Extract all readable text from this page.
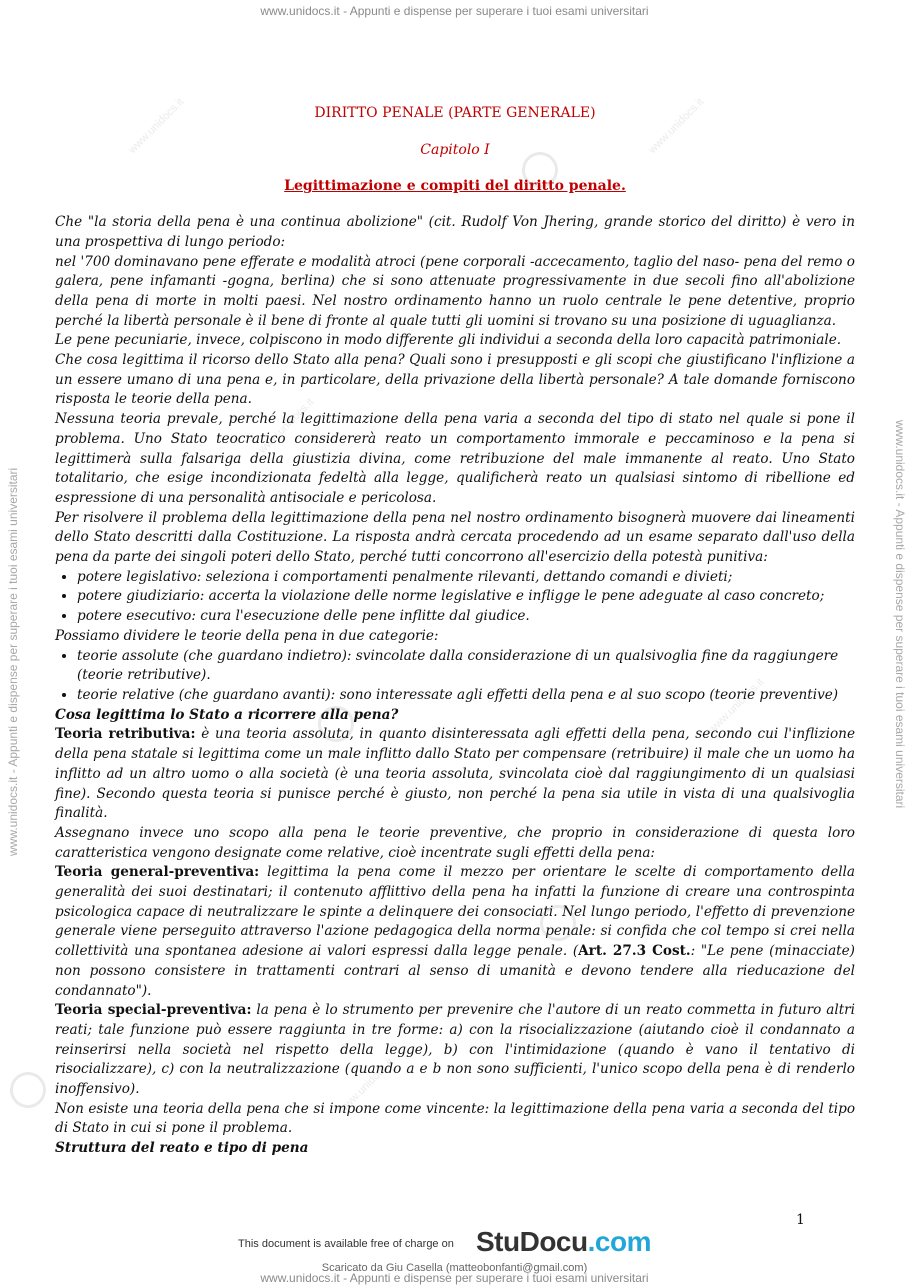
www.unidocs.it - Appunti e dispense per superare i tuoi esami universitari
www.unidocs.it - Appunti e dispense per superare i tuoi esami universitari	www.unidocs.it - Appunti e dispense per superare i tuoi esami universitari
www.unidocs.it	www.unidocs.it
www.unidocs.it
www.unidocs.it
www.unidocs.it
DIRITTO PENALE (PARTE GENERALE)
Capitolo I
Legittimazione e compiti del diritto penale.

Che "la storia della pena è una continua abolizione" (cit. Rudolf Von Jhering, grande storico del diritto) è vero in una prospettiva di lungo periodo:

nel '700 dominavano pene efferate e modalità atroci (pene corporali -accecamento, taglio del naso- pena del remo o galera, pene infamanti -gogna, berlina) che si sono attenuate progressivamente in due secoli fino all'abolizione della pena di morte in molti paesi. Nel nostro ordinamento hanno un ruolo centrale le pene detentive, proprio perché la libertà personale è il bene di fronte al quale tutti gli uomini si trovano su una posizione di uguaglianza.

Le pene pecuniarie, invece, colpiscono in modo differente gli individui a seconda della loro capacità patrimoniale.

Che cosa legittima il ricorso dello Stato alla pena? Quali sono i presupposti e gli scopi che giustificano l'inflizione a un essere umano di una pena e, in particolare, della privazione della libertà personale? A tale domande forniscono risposta le teorie della pena.

Nessuna teoria prevale, perché la legittimazione della pena varia a seconda del tipo di stato nel quale si pone il problema. Uno Stato teocratico considererà reato un comportamento immorale e peccaminoso e la pena si legittimerà sulla falsariga della giustizia divina, come retribuzione del male immanente al reato. Uno Stato totalitario, che esige incondizionata fedeltà alla legge, qualificherà reato un qualsiasi sintomo di ribellione ed espressione di una personalità antisociale e pericolosa.

Per risolvere il problema della legittimazione della pena nel nostro ordinamento bisognerà muovere dai lineamenti dello Stato descritti dalla Costituzione. La risposta andrà cercata procedendo ad un esame separato dall'uso della pena da parte dei singoli poteri dello Stato, perché tutti concorrono all'esercizio della potestà punitiva:

• potere legislativo: seleziona i comportamenti penalmente rilevanti, dettando comandi e divieti;
• potere giudiziario: accerta la violazione delle norme legislative e infligge le pene adeguate al caso concreto;
• potere esecutivo: cura l'esecuzione delle pene inflitte dal giudice.

Possiamo dividere le teorie della pena in due categorie:

• teorie assolute (che guardano indietro): svincolate dalla considerazione di un qualsivoglia fine da raggiungere (teorie retributive).
• teorie relative (che guardano avanti): sono interessate agli effetti della pena e al suo scopo (teorie preventive)

Cosa legittima lo Stato a ricorrere alla pena?

Teoria retributiva: è una teoria assoluta, in quanto disinteressata agli effetti della pena, secondo cui l'inflizione della pena statale si legittima come un male inflitto dallo Stato per compensare (retribuire) il male che un uomo ha inflitto ad un altro uomo o alla società (è una teoria assoluta, svincolata cioè dal raggiungimento di un qualsiasi fine). Secondo questa teoria si punisce perché è giusto, non perché la pena sia utile in vista di una qualsivoglia finalità.

Assegnano invece uno scopo alla pena le teorie preventive, che proprio in considerazione di questa loro caratteristica vengono designate come relative, cioè incentrate sugli effetti della pena:

Teoria general-preventiva: legittima la pena come il mezzo per orientare le scelte di comportamento della generalità dei suoi destinatari; il contenuto afflittivo della pena ha infatti la funzione di creare una controspinta psicologica capace di neutralizzare le spinte a delinquere dei consociati. Nel lungo periodo, l'effetto di prevenzione generale viene perseguito attraverso l'azione pedagogica della norma penale: si confida che col tempo si crei nella collettività una spontanea adesione ai valori espressi dalla legge penale. (Art. 27.3 Cost.: "Le pene (minacciate) non possono consistere in trattamenti contrari al senso di umanità e devono tendere alla rieducazione del condannato").

Teoria special-preventiva: la pena è lo strumento per prevenire che l'autore di un reato commetta in futuro altri reati; tale funzione può essere raggiunta in tre forme: a) con la risocializzazione (aiutando cioè il condannato a reinserirsi nella società nel rispetto della legge), b) con l'intimidazione (quando è vano il tentativo di risocializzare), c) con la neutralizzazione (quando a e b non sono sufficienti, l'unico scopo della pena è di renderlo inoffensivo).

Non esiste una teoria della pena che si impone come vincente: la legittimazione della pena varia a seconda del tipo di Stato in cui si pone il problema.

Struttura del reato e tipo di pena

1
This document is available free of charge on StuDocu.com
Scaricato da Giu Casella (matteobonfanti@gmail.com)
www.unidocs.it - Appunti e dispense per superare i tuoi esami universitari
